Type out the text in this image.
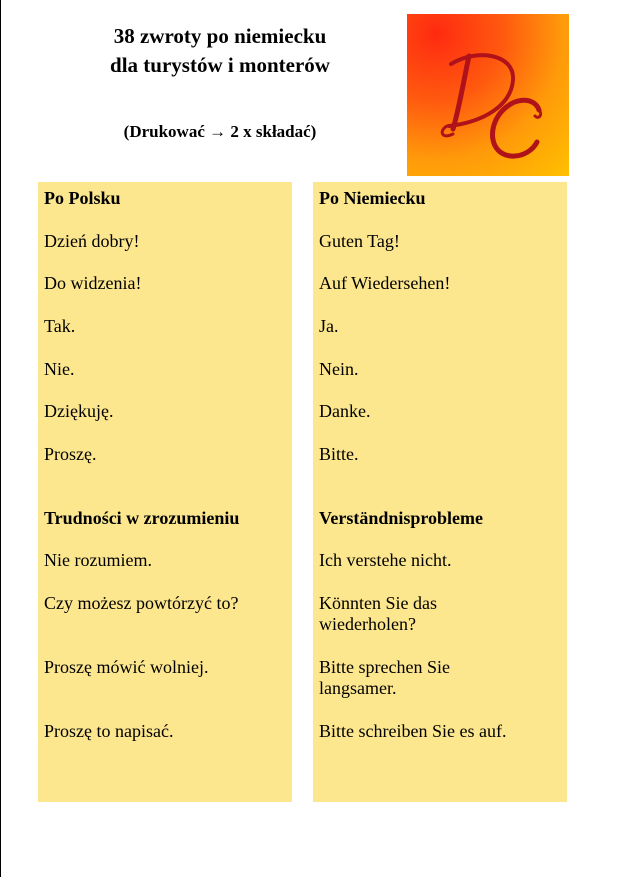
38 zwroty po niemiecku
dla turystów i monterów
(Drukować → 2 x składać)
Po Polsku
Dzień dobry!
Do widzenia!
Tak.
Nie.
Dziękuję.
Proszę.
Trudności w zrozumieniu
Nie rozumiem.
Czy możesz powtórzyć to?
Proszę mówić wolniej.
Proszę to napisać.
Po Niemiecku
Guten Tag!
Auf Wiedersehen!
Ja.
Nein.
Danke.
Bitte.
Verständnisprobleme
Ich verstehe nicht.
Könnten Sie das wiederholen?
Bitte sprechen Sie langsamer.
Bitte schreiben Sie es auf.
